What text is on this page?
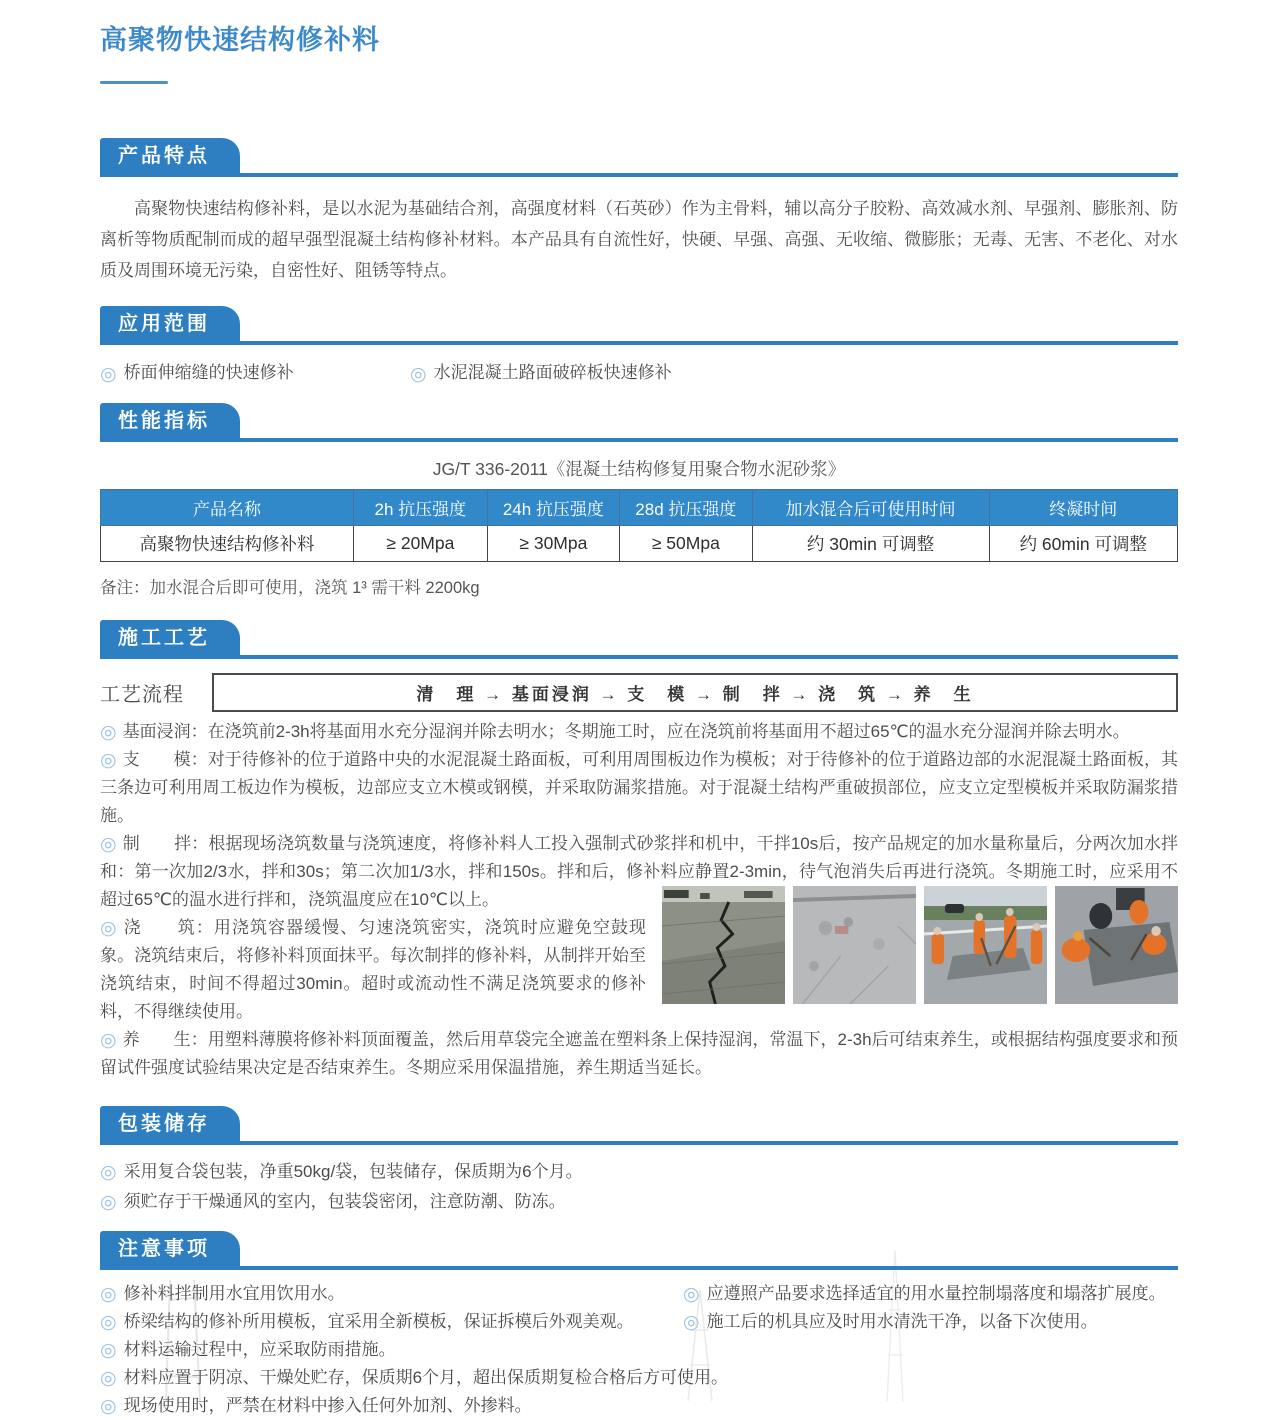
高聚物快速结构修补料
产品特点
高聚物快速结构修补料，是以水泥为基础结合剂，高强度材料（石英砂）作为主骨料，辅以高分子胶粉、高效减水剂、早强剂、膨胀剂、防离析等物质配制而成的超早强型混凝土结构修补材料。本产品具有自流性好，快硬、早强、高强、无收缩、微膨胀；无毒、无害、不老化、对水质及周围环境无污染，自密性好、阻锈等特点。
应用范围
◎ 桥面伸缩缝的快速修补	◎ 水泥混凝土路面破碎板快速修补
性能指标
JG/T 336-2011《混凝土结构修复用聚合物水泥砂浆》
产品名称	2h 抗压强度	24h 抗压强度	28d 抗压强度	加水混合后可使用时间	终凝时间
高聚物快速结构修补料	≥ 20Mpa	≥ 30Mpa	≥ 50Mpa	约 30min 可调整	约 60min 可调整
备注：加水混合后即可使用，浇筑 1³ 需干料 2200kg
施工工艺
工艺流程	清　理 → 基面浸润 → 支　模 → 制　拌 → 浇　筑 → 养　生
◎ 基面浸润：在浇筑前2-3h将基面用水充分湿润并除去明水；冬期施工时，应在浇筑前将基面用不超过65℃的温水充分湿润并除去明水。
◎ 支　　模：对于待修补的位于道路中央的水泥混凝土路面板，可利用周围板边作为模板；对于待修补的位于道路边部的水泥混凝土路面板，其三条边可利用周工板边作为模板，边部应支立木模或钢模，并采取防漏浆措施。对于混凝土结构严重破损部位，应支立定型模板并采取防漏浆措施。
◎ 制　　拌：根据现场浇筑数量与浇筑速度，将修补料人工投入强制式砂浆拌和机中，干拌10s后，按产品规定的加水量称量后，分两次加水拌和：第一次加2/3水，拌和30s；第二次加1/3水，拌和150s。拌和后，修补料应静置2-3min，待气泡消失后再进行浇筑。冬期施工时，应采用不超过65℃的温水进行拌和，浇筑温度应在10℃以上。
◎ 浇　　筑：用浇筑容器缓慢、匀速浇筑密实，浇筑时应避免空鼓现象。浇筑结束后，将修补料顶面抹平。每次制拌的修补料，从制拌开始至浇筑结束，时间不得超过30min。超时或流动性不满足浇筑要求的修补料，不得继续使用。
◎ 养　　生：用塑料薄膜将修补料顶面覆盖，然后用草袋完全遮盖在塑料条上保持湿润，常温下，2-3h后可结束养生，或根据结构强度要求和预留试件强度试验结果决定是否结束养生。冬期应采用保温措施，养生期适当延长。
包装储存
◎ 采用复合袋包装，净重50kg/袋，包装储存，保质期为6个月。
◎ 须贮存于干燥通风的室内，包装袋密闭，注意防潮、防冻。
注意事项
◎ 修补料拌制用水宜用饮用水。	◎ 应遵照产品要求选择适宜的用水量控制塌落度和塌落扩展度。
◎ 桥梁结构的修补所用模板，宜采用全新模板，保证拆模后外观美观。	◎ 施工后的机具应及时用水清洗干净，以备下次使用。
◎ 材料运输过程中，应采取防雨措施。
◎ 材料应置于阴凉、干燥处贮存，保质期6个月，超出保质期复检合格后方可使用。
◎ 现场使用时，严禁在材料中掺入任何外加剂、外掺料。
